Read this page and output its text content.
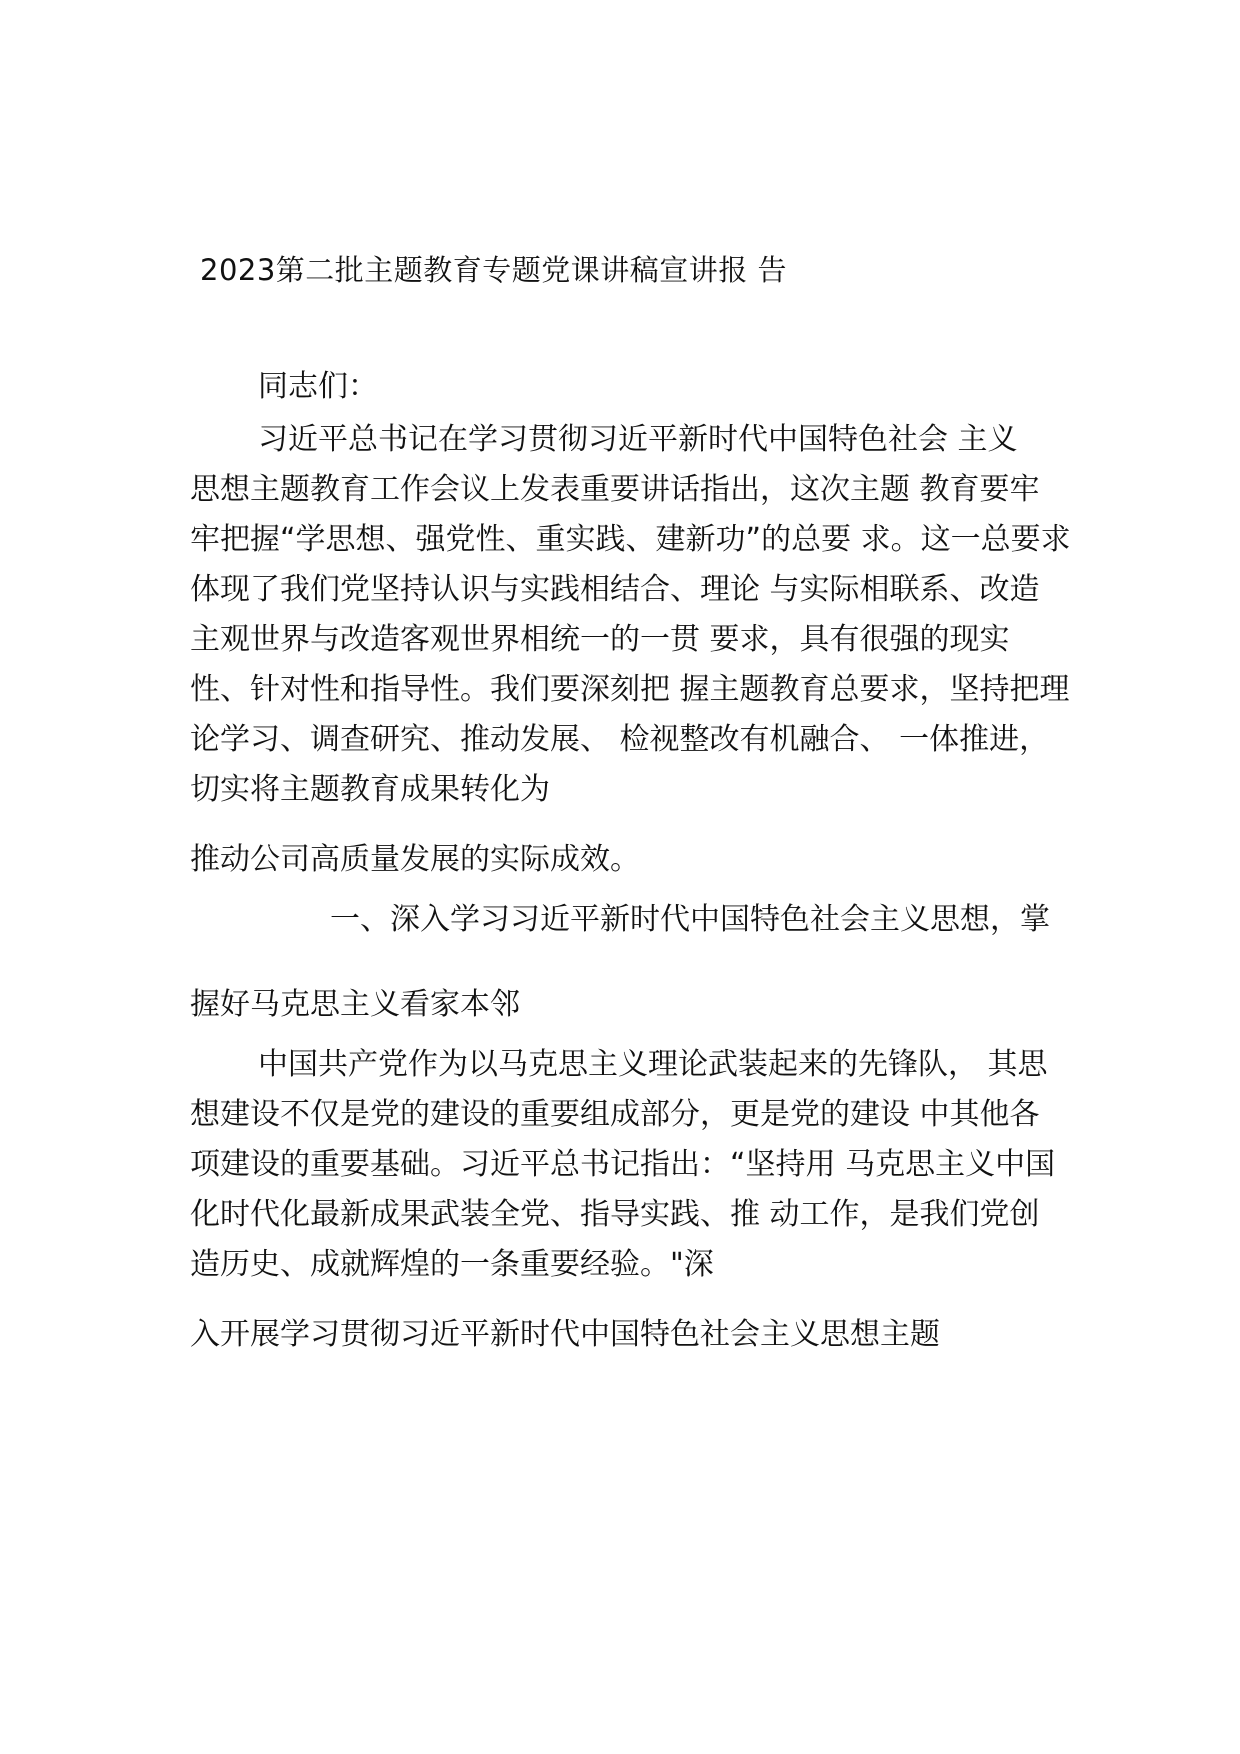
2023第二批主题教育专题党课讲稿宣讲报 告
同志们：
习近平总书记在学习贯彻习近平新时代中国特色社会 主义
思想主题教育工作会议上发表重要讲话指出，这次主题 教育要牢
牢把握“学思想、强党性、重实践、建新功”的总要 求。这一总要求
体现了我们党坚持认识与实践相结合、理论 与实际相联系、改造
主观世界与改造客观世界相统一的一贯 要求，具有很强的现实
性、针对性和指导性。我们要深刻把 握主题教育总要求，坚持把理
论学习、调查研究、推动发展、 检视整改有机融合、 一体推进，
切实将主题教育成果转化为
推动公司高质量发展的实际成效。
一、深入学习习近平新时代中国特色社会主义思想，掌
握好马克思主义看家本邻
中国共产党作为以马克思主义理论武装起来的先锋队， 其思
想建设不仅是党的建设的重要组成部分，更是党的建设 中其他各
项建设的重要基础。习近平总书记指出：“坚持用 马克思主义中国
化时代化最新成果武装全党、指导实践、推 动工作，是我们党创
造历史、成就辉煌的一条重要经验。"深
入开展学习贯彻习近平新时代中国特色社会主义思想主题
